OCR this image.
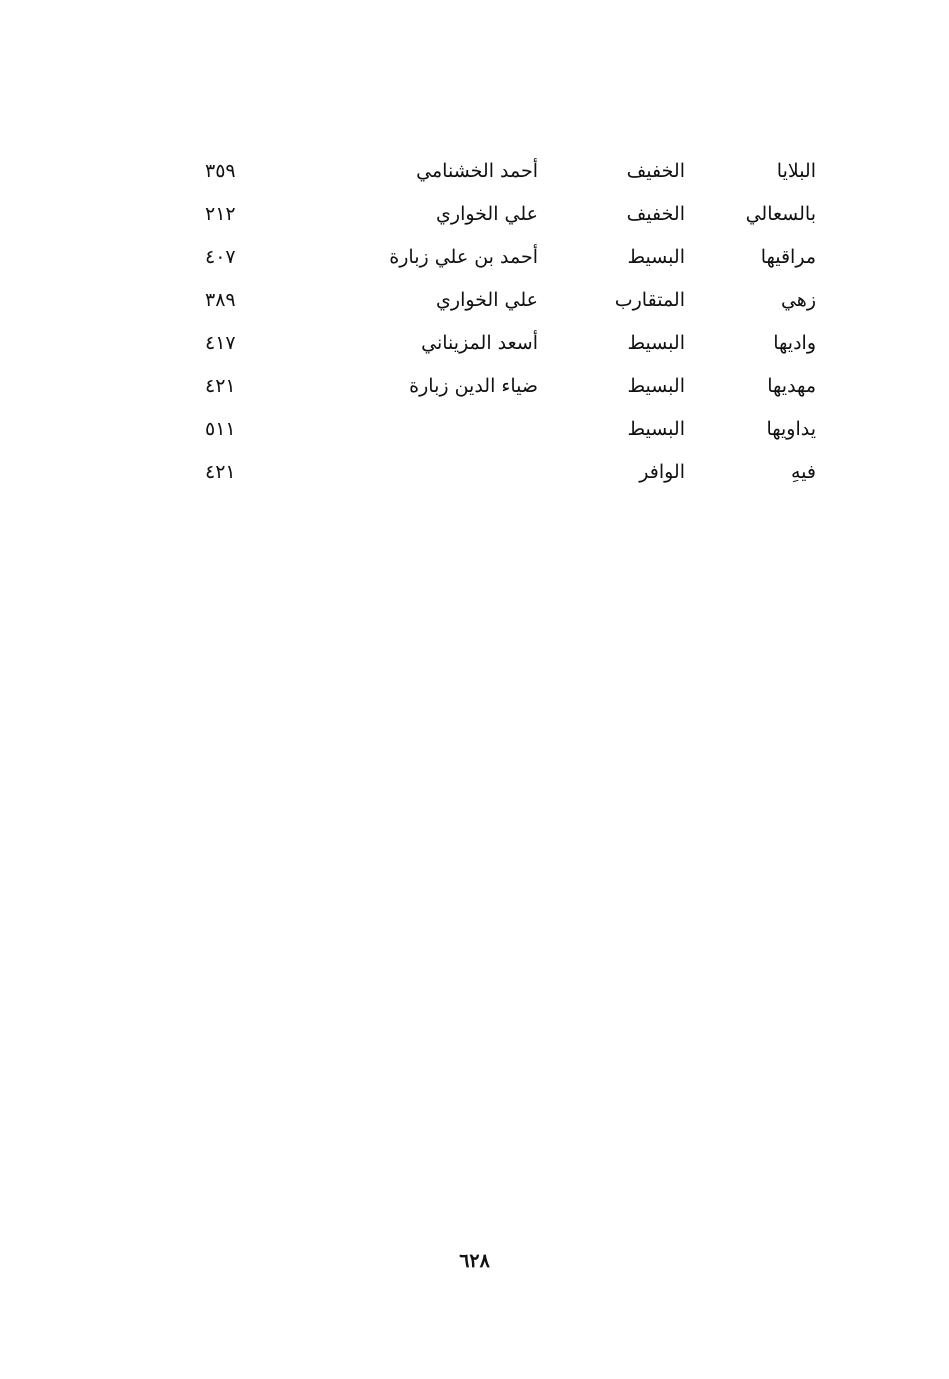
البلايا
الخفيف
أحمد الخشنامي
٣٥٩
بالسعالي
الخفيف
علي الخواري
٢١٢
مراقيها
البسيط
أحمد بن علي زبارة
٤٠٧
زهي
المتقارب
علي الخواري
٣٨٩
واديها
البسيط
أسعد المزيناني
٤١٧
مهديها
البسيط
ضياء الدين زبارة
٤٢١
يداويها
البسيط
٥١١
فيهِ
الوافر
٤٢١
٦٢٨
